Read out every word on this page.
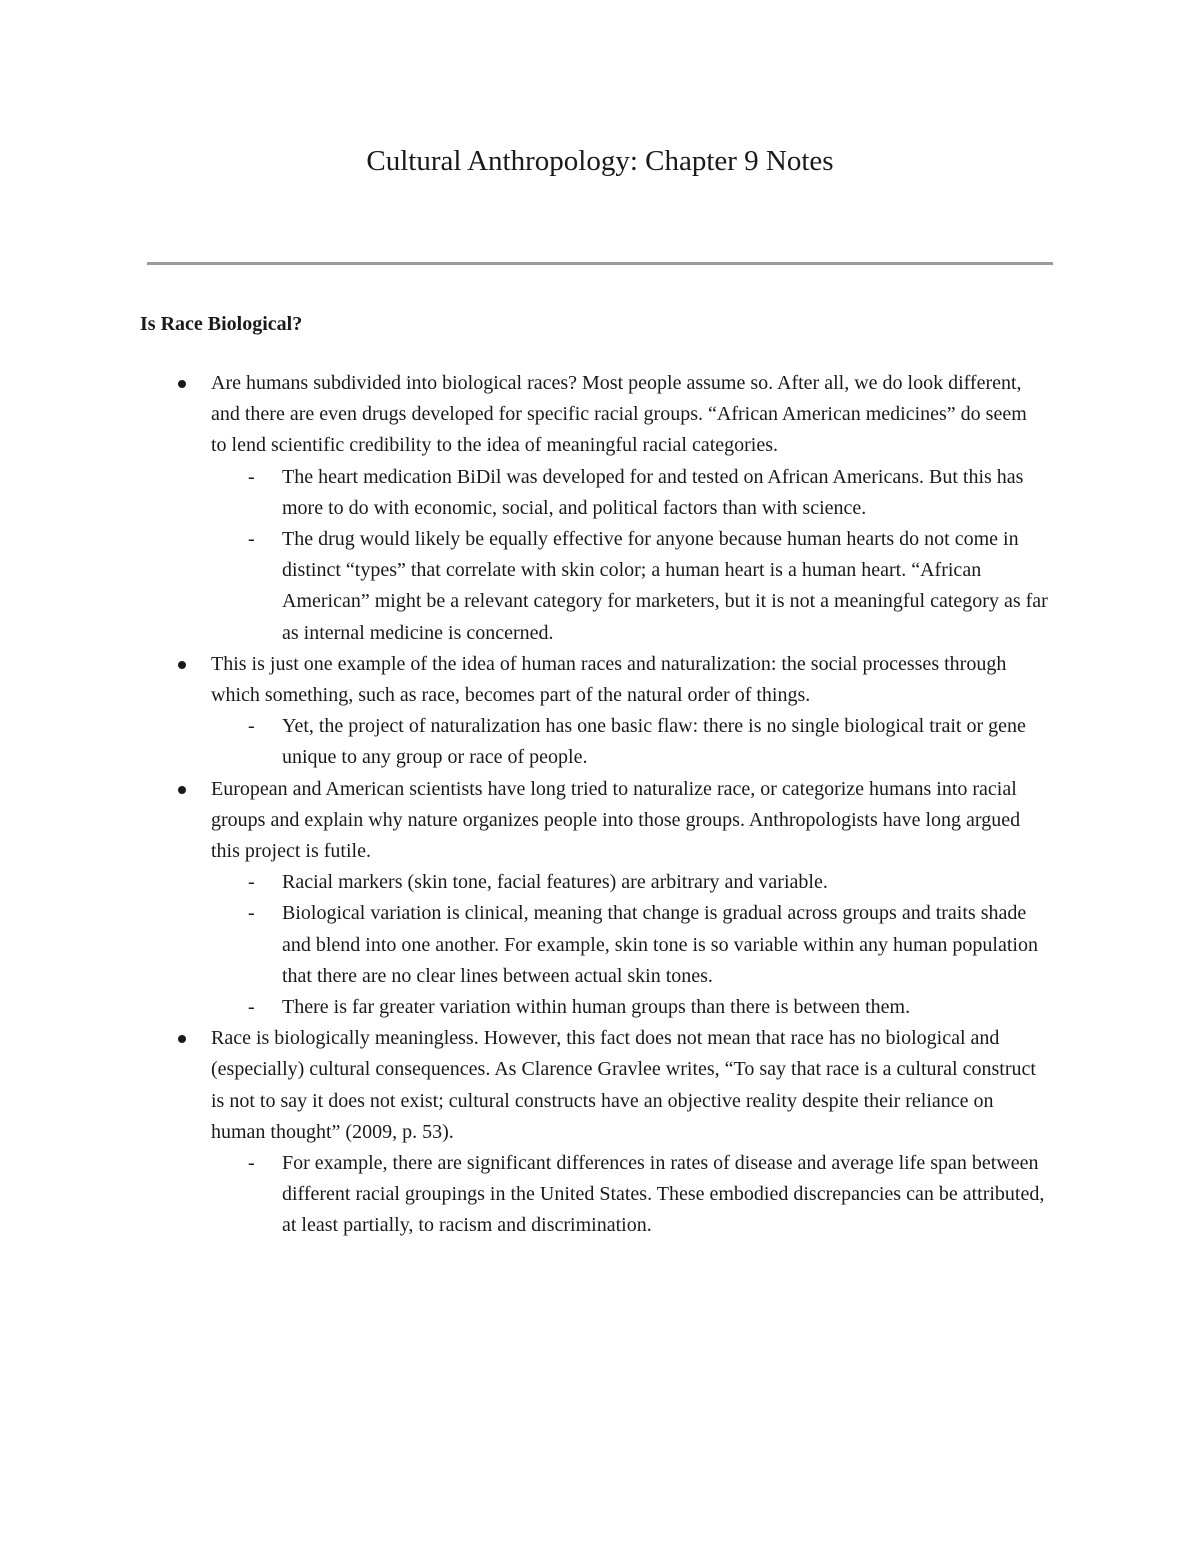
Cultural Anthropology: Chapter 9 Notes
Is Race Biological?

Are humans subdivided into biological races? Most people assume so. After all, we do look different, and there are even drugs developed for specific racial groups. “African American medicines” do seem to lend scientific credibility to the idea of meaningful racial categories.

- The heart medication BiDil was developed for and tested on African Americans. But this has more to do with economic, social, and political factors than with science.

- The drug would likely be equally effective for anyone because human hearts do not come in distinct “types” that correlate with skin color; a human heart is a human heart. “African American” might be a relevant category for marketers, but it is not a meaningful category as far as internal medicine is concerned.

This is just one example of the idea of human races and naturalization: the social processes through which something, such as race, becomes part of the natural order of things.

- Yet, the project of naturalization has one basic flaw: there is no single biological trait or gene unique to any group or race of people.

European and American scientists have long tried to naturalize race, or categorize humans into racial groups and explain why nature organizes people into those groups. Anthropologists have long argued this project is futile.

- Racial markers (skin tone, facial features) are arbitrary and variable.

- Biological variation is clinical, meaning that change is gradual across groups and traits shade and blend into one another. For example, skin tone is so variable within any human population that there are no clear lines between actual skin tones.

- There is far greater variation within human groups than there is between them.

Race is biologically meaningless. However, this fact does not mean that race has no biological and (especially) cultural consequences. As Clarence Gravlee writes, “To say that race is a cultural construct is not to say it does not exist; cultural constructs have an objective reality despite their reliance on human thought” (2009, p. 53).

- For example, there are significant differences in rates of disease and average life span between different racial groupings in the United States. These embodied discrepancies can be attributed, at least partially, to racism and discrimination.
